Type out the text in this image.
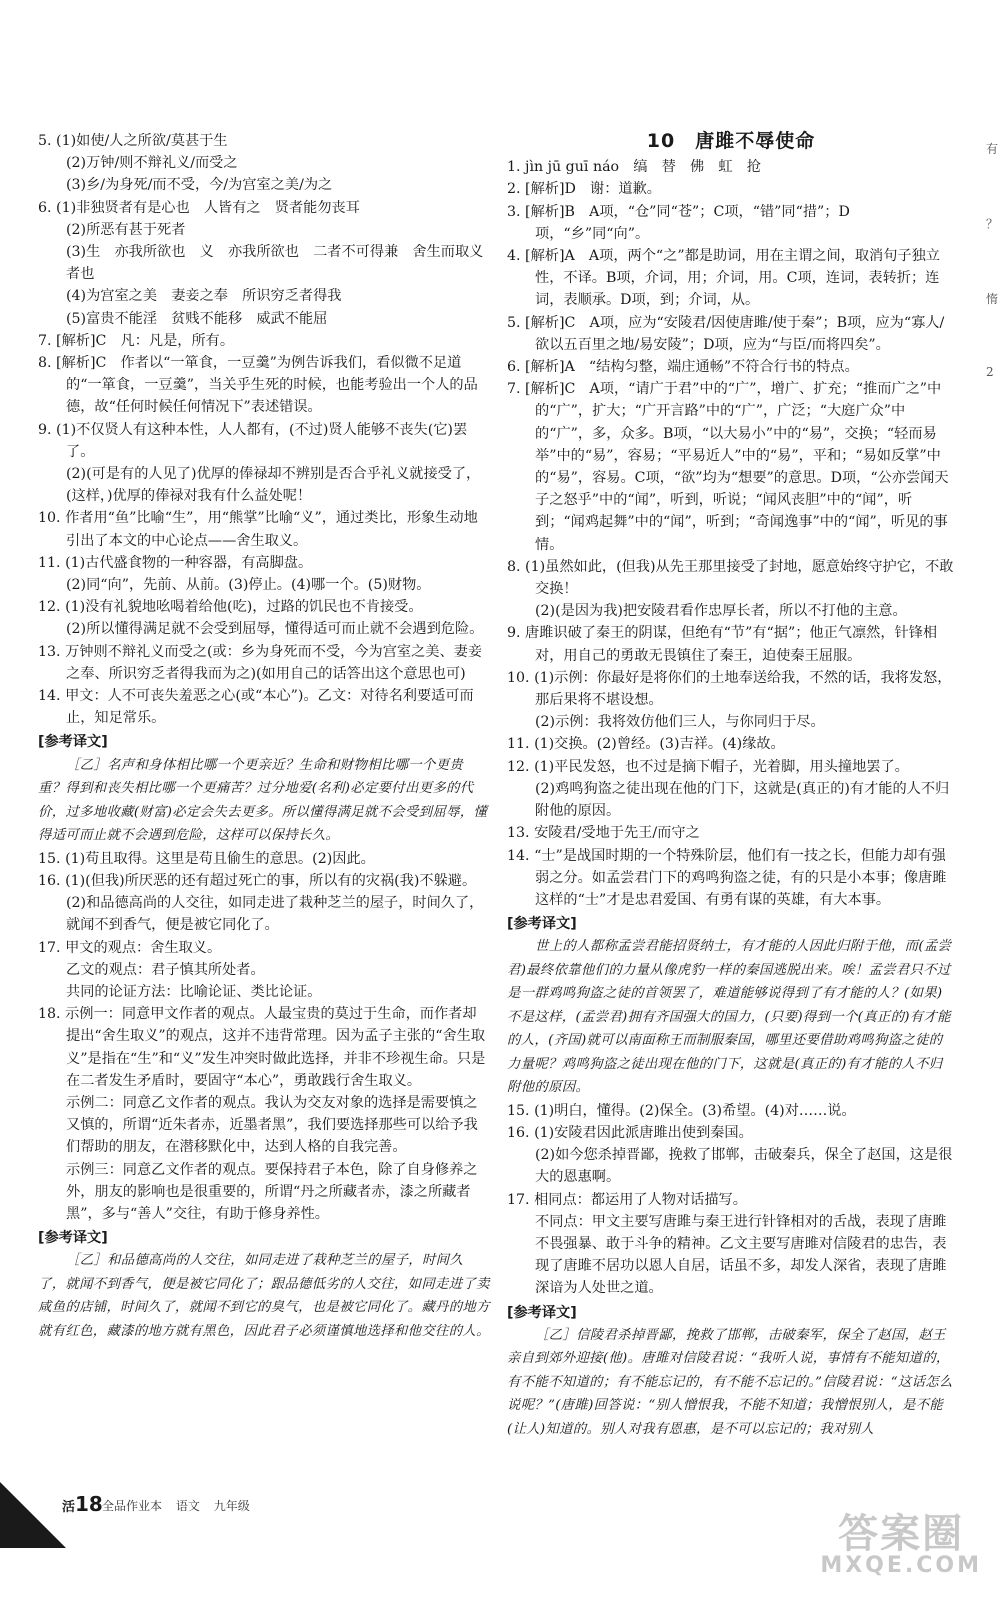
5. (1)如使/人之所欲/莫甚于生
(2)万钟/则不辩礼义/而受之
(3)乡/为身死/而不受，今/为宫室之美/为之
6. (1)非独贤者有是心也　人皆有之　贤者能勿丧耳
(2)所恶有甚于死者
(3)生　亦我所欲也　义　亦我所欲也　二者不可得兼　舍生而取义者也
(4)为宫室之美　妻妾之奉　所识穷乏者得我
(5)富贵不能淫　贫贱不能移　威武不能屈
7. [解析]C　凡：凡是，所有。
8. [解析]C　作者以“一箪食，一豆羹”为例告诉我们，看似微不足道的“一箪食，一豆羹”，当关乎生死的时候，也能考验出一个人的品德，故“任何时候任何情况下”表述错误。
9. (1)不仅贤人有这种本性，人人都有，(不过)贤人能够不丧失(它)罢了。
(2)(可是有的人见了)优厚的俸禄却不辨别是否合乎礼义就接受了，(这样，)优厚的俸禄对我有什么益处呢！
10. 作者用“鱼”比喻“生”，用“熊掌”比喻“义”，通过类比，形象生动地引出了本文的中心论点——舍生取义。
11. (1)古代盛食物的一种容器，有高脚盘。
(2)同“向”，先前、从前。(3)停止。(4)哪一个。(5)财物。
12. (1)没有礼貌地吆喝着给他(吃)，过路的饥民也不肯接受。
(2)所以懂得满足就不会受到屈辱，懂得适可而止就不会遇到危险。
13. 万钟则不辩礼义而受之(或：乡为身死而不受，今为宫室之美、妻妾之奉、所识穷乏者得我而为之)(如用自己的话答出这个意思也可)
14. 甲文：人不可丧失羞恶之心(或“本心”)。乙文：对待名利要适可而止，知足常乐。
[参考译文]
［乙］名声和身体相比哪一个更亲近？生命和财物相比哪一个更贵重？得到和丧失相比哪一个更痛苦？过分地爱(名利)必定要付出更多的代价，过多地收藏(财富)必定会失去更多。所以懂得满足就不会受到屈辱，懂得适可而止就不会遇到危险，这样可以保持长久。
15. (1)苟且取得。这里是苟且偷生的意思。(2)因此。
16. (1)(但我)所厌恶的还有超过死亡的事，所以有的灾祸(我)不躲避。
(2)和品德高尚的人交往，如同走进了栽种芝兰的屋子，时间久了，就闻不到香气，便是被它同化了。
17. 甲文的观点：舍生取义。
乙文的观点：君子慎其所处者。
共同的论证方法：比喻论证、类比论证。
18. 示例一：同意甲文作者的观点。人最宝贵的莫过于生命，而作者却提出“舍生取义”的观点，这并不违背常理。因为孟子主张的“舍生取义”是指在“生”和“义”发生冲突时做此选择，并非不珍视生命。只是在二者发生矛盾时，要固守“本心”，勇敢践行舍生取义。
示例二：同意乙文作者的观点。我认为交友对象的选择是需要慎之又慎的，所谓“近朱者赤，近墨者黑”，我们要选择那些可以给予我们帮助的朋友，在潜移默化中，达到人格的自我完善。
示例三：同意乙文作者的观点。要保持君子本色，除了自身修养之外，朋友的影响也是很重要的，所谓“丹之所藏者赤，漆之所藏者黑”，多与“善人”交往，有助于修身养性。
[参考译文]
［乙］和品德高尚的人交往，如同走进了栽种芝兰的屋子，时间久了，就闻不到香气，便是被它同化了；跟品德低劣的人交往，如同走进了卖咸鱼的店铺，时间久了，就闻不到它的臭气，也是被它同化了。藏丹的地方就有红色，藏漆的地方就有黑色，因此君子必须谨慎地选择和他交往的人。
10　唐雎不辱使命
1. jìn jū guī náo　缟　替　佛　虹　抢
2. [解析]D　谢：道歉。
3. [解析]B　A项，“仓”同“苍”；C项，“错”同“措”；D项，“乡”同“向”。
4. [解析]A　A项，两个“之”都是助词，用在主谓之间，取消句子独立性，不译。B项，介词，用；介词，用。C项，连词，表转折；连词，表顺承。D项，到；介词，从。
5. [解析]C　A项，应为“安陵君/因使唐雎/使于秦”；B项，应为“寡人/欲以五百里之地/易安陵”；D项，应为“与臣/而将四矣”。
6. [解析]A　“结构匀整，端庄通畅”不符合行书的特点。
7. [解析]C　A项，“请广于君”中的“广”，增广、扩充；“推而广之”中的“广”，扩大；“广开言路”中的“广”，广泛；“大庭广众”中的“广”，多，众多。B项，“以大易小”中的“易”，交换；“轻而易举”中的“易”，容易；“平易近人”中的“易”，平和；“易如反掌”中的“易”，容易。C项，“欲”均为“想要”的意思。D项，“公亦尝闻天子之怒乎”中的“闻”，听到，听说；“闻风丧胆”中的“闻”，听到；“闻鸡起舞”中的“闻”，听到；“奇闻逸事”中的“闻”，听见的事情。
8. (1)虽然如此，(但我)从先王那里接受了封地，愿意始终守护它，不敢交换！
(2)(是因为我)把安陵君看作忠厚长者，所以不打他的主意。
9. 唐雎识破了秦王的阴谋，但绝有“节”有“据”；他正气凛然，针锋相对，用自己的勇敢无畏镇住了秦王，迫使秦王屈服。
10. (1)示例：你最好是将你们的土地奉送给我，不然的话，我将发怒，那后果将不堪设想。
(2)示例：我将效仿他们三人，与你同归于尽。
11. (1)交换。(2)曾经。(3)吉祥。(4)缘故。
12. (1)平民发怒，也不过是摘下帽子，光着脚，用头撞地罢了。
(2)鸡鸣狗盗之徒出现在他的门下，这就是(真正的)有才能的人不归附他的原因。
13. 安陵君/受地于先王/而守之
14. “士”是战国时期的一个特殊阶层，他们有一技之长，但能力却有强弱之分。如孟尝君门下的鸡鸣狗盗之徒，有的只是小本事；像唐雎这样的“士”才是忠君爱国、有勇有谋的英雄，有大本事。
[参考译文]
世上的人都称孟尝君能招贤纳士，有才能的人因此归附于他，而(孟尝君)最终依靠他们的力量从像虎豹一样的秦国逃脱出来。唉！孟尝君只不过是一群鸡鸣狗盗之徒的首领罢了，难道能够说得到了有才能的人？(如果)不是这样，(孟尝君)拥有齐国强大的国力，(只要)得到一个(真正的)有才能的人，(齐国)就可以南面称王而制服秦国，哪里还要借助鸡鸣狗盗之徒的力量呢？鸡鸣狗盗之徒出现在他的门下，这就是(真正的)有才能的人不归附他的原因。
15. (1)明白，懂得。(2)保全。(3)希望。(4)对……说。
16. (1)安陵君因此派唐雎出使到秦国。
(2)如今您杀掉晋鄙，挽救了邯郸，击破秦兵，保全了赵国，这是很大的恩惠啊。
17. 相同点：都运用了人物对话描写。
不同点：甲文主要写唐雎与秦王进行针锋相对的舌战，表现了唐雎不畏强暴、敢于斗争的精神。乙文主要写唐雎对信陵君的忠告，表现了唐雎不居功以恩人自居，话虽不多，却发人深省，表现了唐雎深谙为人处世之道。
[参考译文]
［乙］信陵君杀掉晋鄙，挽救了邯郸，击破秦军，保全了赵国，赵王亲自到郊外迎接(他)。唐雎对信陵君说：“我听人说，事情有不能知道的，有不能不知道的；有不能忘记的，有不能不忘记的。”信陵君说：“这话怎么说呢？”(唐雎)回答说：“别人憎恨我，不能不知道；我憎恨别人，是不能(让人)知道的。别人对我有恩惠，是不可以忘记的；我对别人
活18 全品作业本 语文 九年级
答案圈
MXQE.COM
有
？
惰
2
